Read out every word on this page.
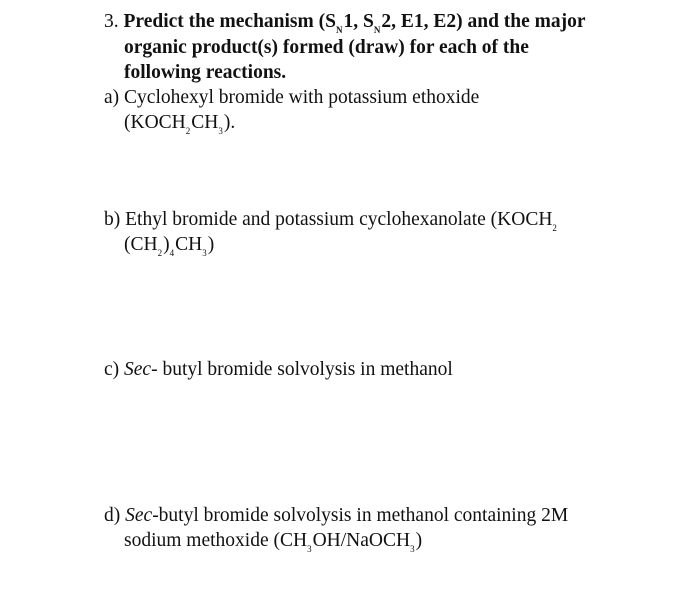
3. Predict the mechanism ($S_N1$, $S_N2$, E1, E2) and the major
organic product(s) formed (draw) for each of the
following reactions.
a) Cyclohexyl bromide with potassium ethoxide
$(KOCH_2CH_3)$.
b) Ethyl bromide and potassium cyclohexanolate ($KOCH_2$
$(CH_2)_4CH_3$)
c) Sec- butyl bromide solvolysis in methanol
d) Sec-butyl bromide solvolysis in methanol containing 2M
sodium methoxide $(CH_3OH/NaOCH_3)$
